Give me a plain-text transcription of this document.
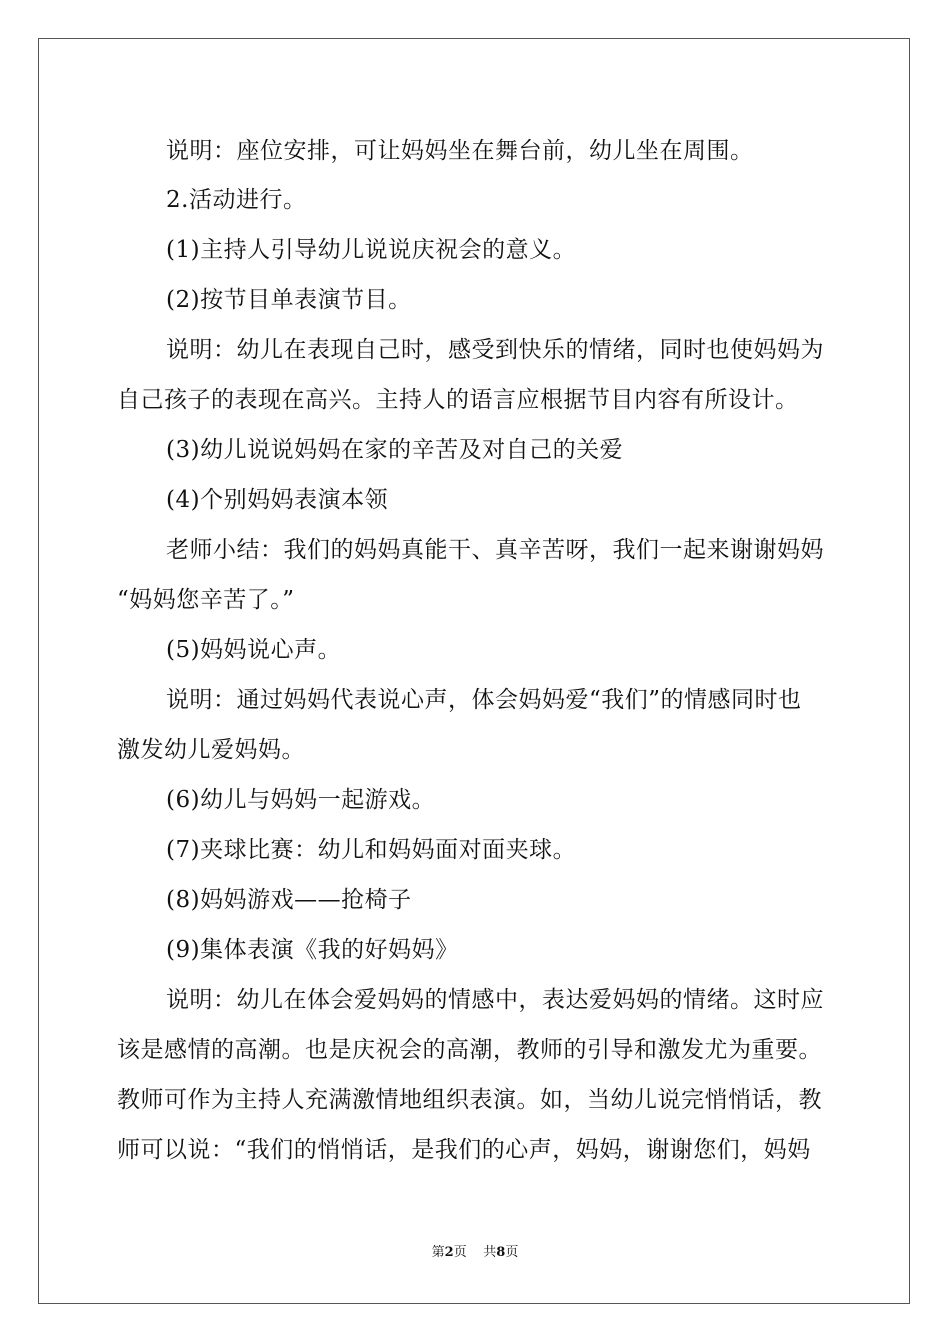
说明：座位安排，可让妈妈坐在舞台前，幼儿坐在周围。
2.活动进行。
(1)主持人引导幼儿说说庆祝会的意义。
(2)按节目单表演节目。
说明：幼儿在表现自己时，感受到快乐的情绪，同时也使妈妈为
自己孩子的表现在高兴。主持人的语言应根据节目内容有所设计。
(3)幼儿说说妈妈在家的辛苦及对自己的关爱
(4)个别妈妈表演本领
老师小结：我们的妈妈真能干、真辛苦呀，我们一起来谢谢妈妈
“妈妈您辛苦了。”
(5)妈妈说心声。
说明：通过妈妈代表说心声，体会妈妈爱“我们”的情感同时也
激发幼儿爱妈妈。
(6)幼儿与妈妈一起游戏。
(7)夹球比赛：幼儿和妈妈面对面夹球。
(8)妈妈游戏——抢椅子
(9)集体表演《我的好妈妈》
说明：幼儿在体会爱妈妈的情感中，表达爱妈妈的情绪。这时应
该是感情的高潮。也是庆祝会的高潮，教师的引导和激发尤为重要。
教师可作为主持人充满激情地组织表演。如，当幼儿说完悄悄话，教
师可以说：“我们的悄悄话，是我们的心声，妈妈，谢谢您们，妈妈
第2页 共8页
